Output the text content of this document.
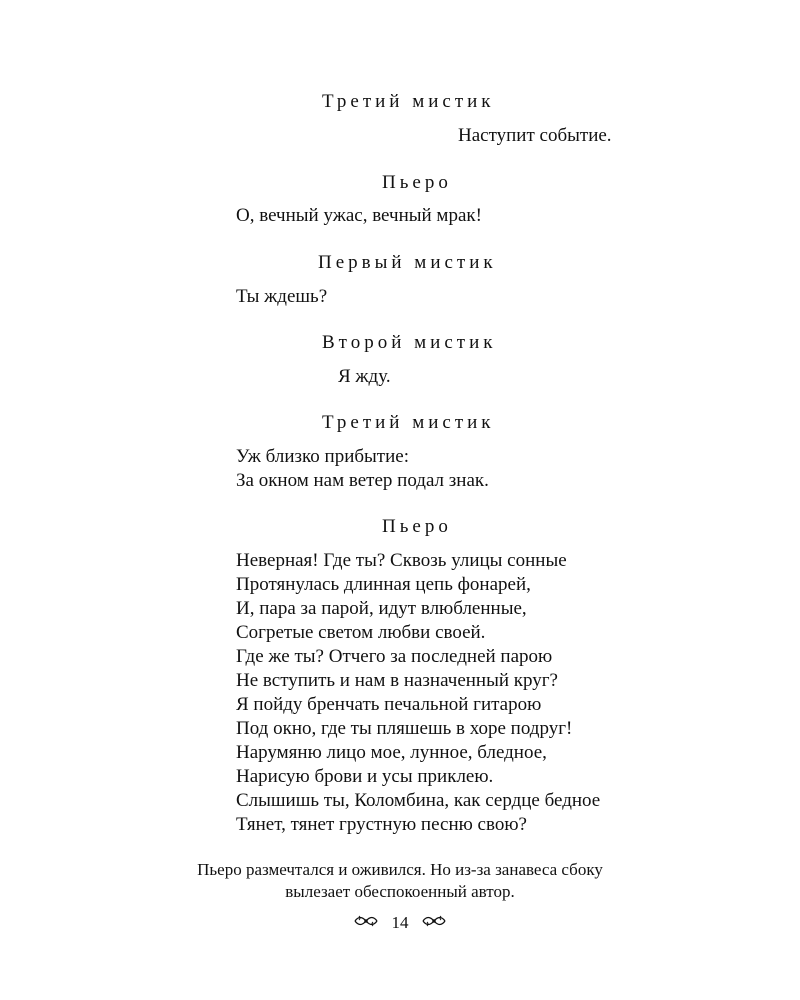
Третий мистик
Наступит событие.
Пьеро
О, вечный ужас, вечный мрак!
Первый мистик
Ты ждешь?
Второй мистик
Я жду.
Третий мистик
Уж близко прибытие:
За окном нам ветер подал знак.
Пьеро
Неверная! Где ты? Сквозь улицы сонные
Протянулась длинная цепь фонарей,
И, пара за парой, идут влюбленные,
Согретые светом любви своей.
Где же ты? Отчего за последней парою
Не вступить и нам в назначенный круг?
Я пойду бренчать печальной гитарою
Под окно, где ты пляшешь в хоре подруг!
Нарумяню лицо мое, лунное, бледное,
Нарисую брови и усы приклею.
Слышишь ты, Коломбина, как сердце бедное
Тянет, тянет грустную песню свою?
Пьеро размечтался и оживился. Но из-за занавеса сбоку
вылезает обеспокоенный автор.
14
